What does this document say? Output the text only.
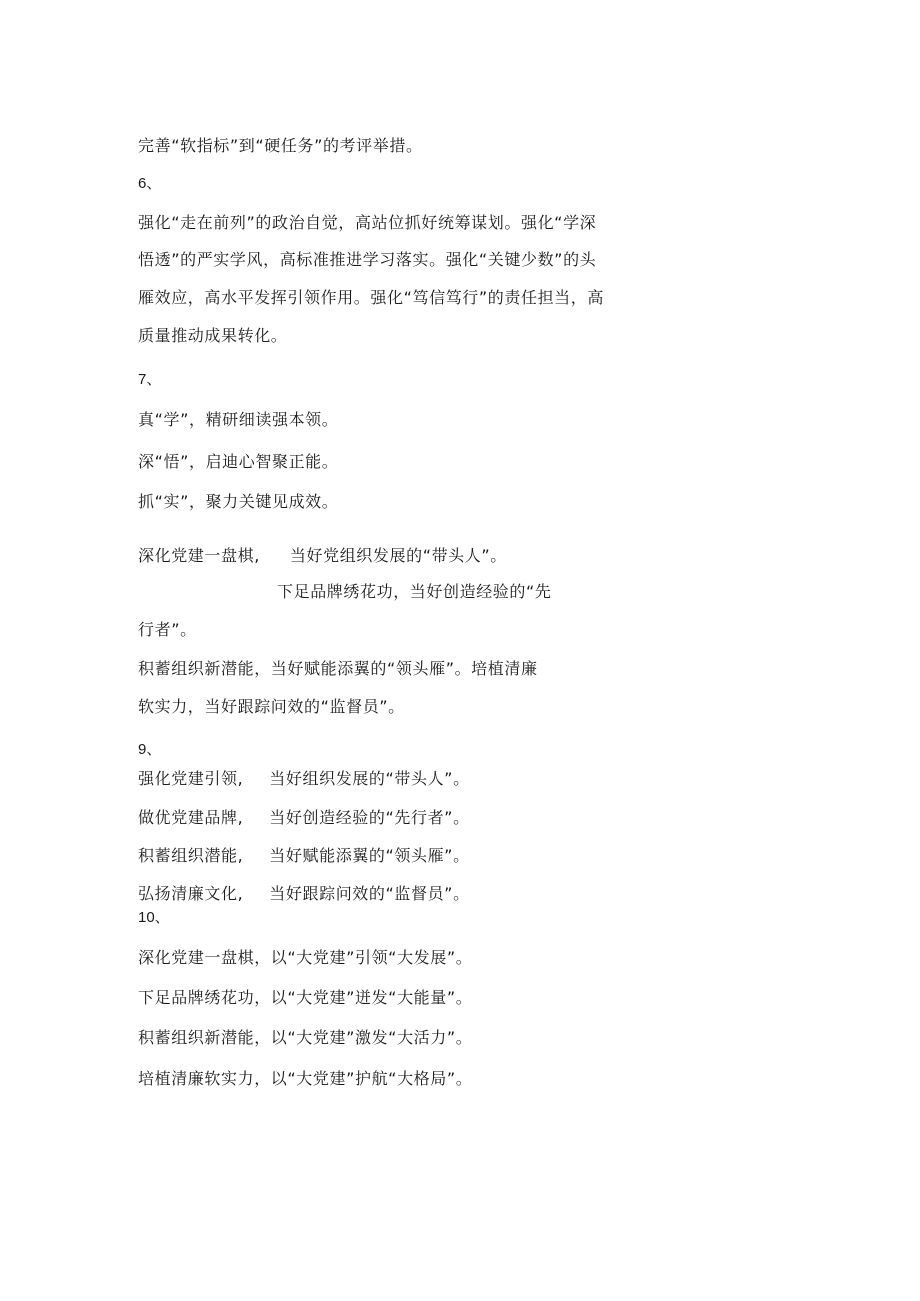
完善“软指标”到“硬任务”的考评举措。
6、
强化“走在前列”的政治自觉，高站位抓好统筹谋划。强化“学深
悟透”的严实学风，高标准推进学习落实。强化“关键少数”的头
雁效应，高水平发挥引领作用。强化“笃信笃行”的责任担当，高
质量推动成果转化。
7、
真“学”，精研细读强本领。
深“悟”，启迪心智聚正能。
抓“实”，聚力关键见成效。
深化党建一盘棋, 当好党组织发展的“带头人”。
下足品牌绣花功，当好创造经验的“先
行者”。
积蓄组织新潜能，当好赋能添翼的“领头雁”。培植清廉
软实力，当好跟踪问效的“监督员”。
9、
强化党建引领, 当好组织发展的“带头人”。
做优党建品牌, 当好创造经验的“先行者”。
积蓄组织潜能, 当好赋能添翼的“领头雁”。
弘扬清廉文化, 当好跟踪问效的“监督员”。
10、
深化党建一盘棋，以“大党建”引领“大发展”。
下足品牌绣花功，以“大党建”迸发“大能量”。
积蓄组织新潜能，以“大党建”激发“大活力”。
培植清廉软实力，以“大党建”护航“大格局”。
